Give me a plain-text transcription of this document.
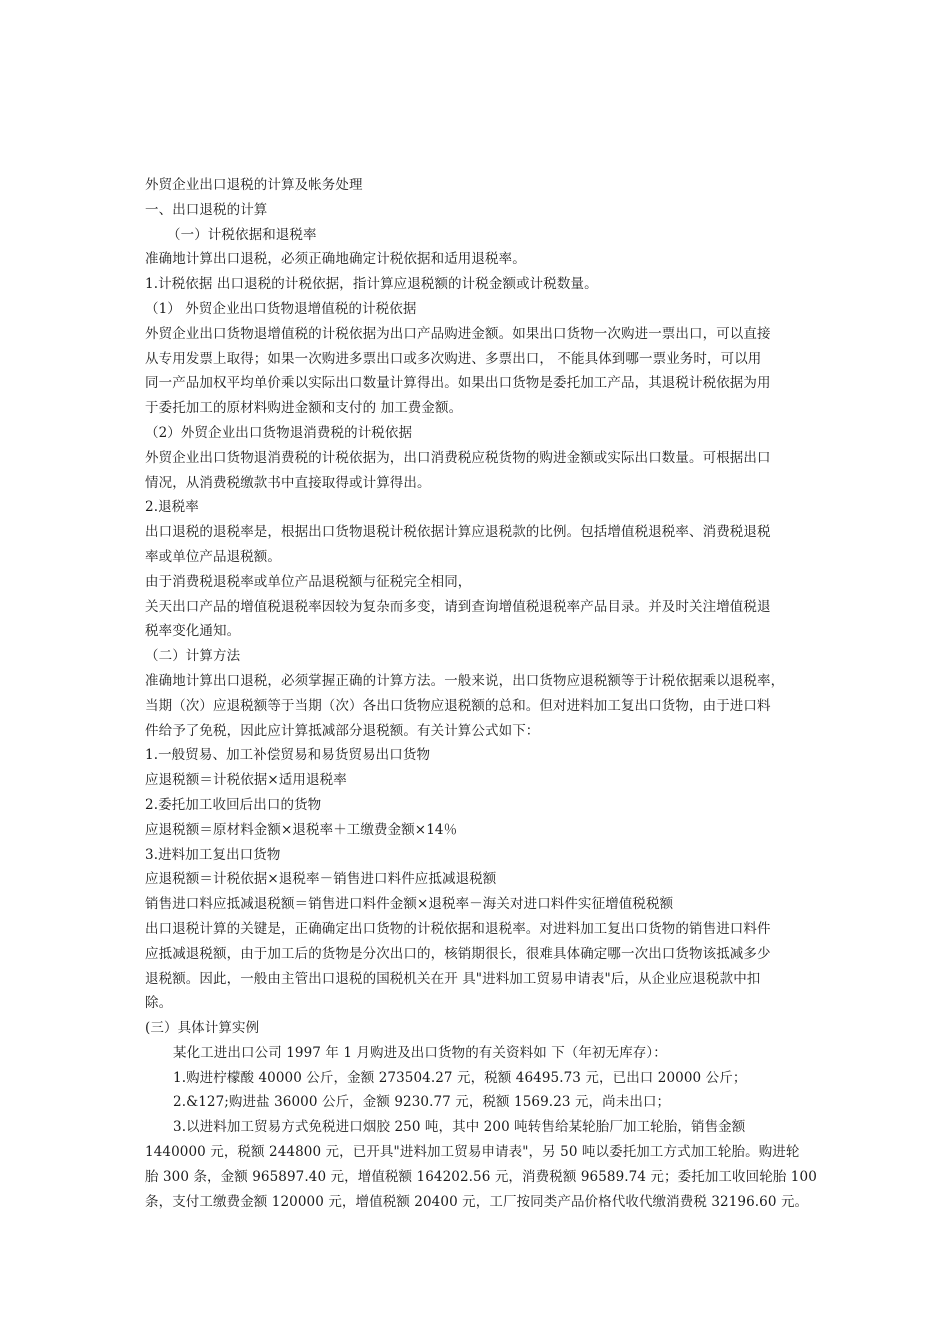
外贸企业出口退税的计算及帐务处理
一、出口退税的计算
（一）计税依据和退税率
准确地计算出口退税，必须正确地确定计税依据和适用退税率。
1.计税依据 出口退税的计税依据，指计算应退税额的计税金额或计税数量。
（1） 外贸企业出口货物退增值税的计税依据
外贸企业出口货物退增值税的计税依据为出口产品购进金额。如果出口货物一次购进一票出口，可以直接
从专用发票上取得；如果一次购进多票出口或多次购进、多票出口， 不能具体到哪一票业务时，可以用
同一产品加权平均单价乘以实际出口数量计算得出。如果出口货物是委托加工产品，其退税计税依据为用
于委托加工的原材料购进金额和支付的 加工费金额。
（2）外贸企业出口货物退消费税的计税依据
外贸企业出口货物退消费税的计税依据为，出口消费税应税货物的购进金额或实际出口数量。可根据出口
情况，从消费税缴款书中直接取得或计算得出。
2.退税率
出口退税的退税率是，根据出口货物退税计税依据计算应退税款的比例。包括增值税退税率、消费税退税
率或单位产品退税额。
由于消费税退税率或单位产品退税额与征税完全相同，
关天出口产品的增值税退税率因较为复杂而多变，请到查询增值税退税率产品目录。并及时关注增值税退
税率变化通知。
（二）计算方法
准确地计算出口退税，必须掌握正确的计算方法。一般来说，出口货物应退税额等于计税依据乘以退税率，
当期（次）应退税额等于当期（次）各出口货物应退税额的总和。但对进料加工复出口货物，由于进口料
件给予了免税，因此应计算抵减部分退税额。有关计算公式如下：
1.一般贸易、加工补偿贸易和易货贸易出口货物
应退税额＝计税依据×适用退税率
2.委托加工收回后出口的货物
应退税额＝原材料金额×退税率＋工缴费金额×14％
3.进料加工复出口货物
应退税额＝计税依据×退税率－销售进口料件应抵减退税额
销售进口料应抵减退税额＝销售进口料件金额×退税率－海关对进口料件实征增值税税额
出口退税计算的关键是，正确确定出口货物的计税依据和退税率。对进料加工复出口货物的销售进口料件
应抵减退税额，由于加工后的货物是分次出口的，核销期很长，很难具体确定哪一次出口货物该抵减多少
退税额。因此，一般由主管出口退税的国税机关在开 具"进料加工贸易申请表"后，从企业应退税款中扣
除。
(三）具体计算实例
某化工进出口公司 1997 年 1 月购进及出口货物的有关资料如 下（年初无库存）：
1.购进柠檬酸 40000 公斤，金额 273504.27 元，税额 46495.73 元，已出口 20000 公斤；
2.&127;购进盐 36000 公斤，金额 9230.77 元，税额 1569.23 元，尚未出口；
3.以进料加工贸易方式免税进口烟胶 250 吨，其中 200 吨转售给某轮胎厂加工轮胎，销售金额
1440000 元，税额 244800 元，已开具"进料加工贸易申请表"，另 50 吨以委托加工方式加工轮胎。购进轮
胎 300 条，金额 965897.40 元，增值税额 164202.56 元，消费税额 96589.74 元；委托加工收回轮胎 100
条，支付工缴费金额 120000 元，增值税额 20400 元，工厂按同类产品价格代收代缴消费税 32196.60 元。
